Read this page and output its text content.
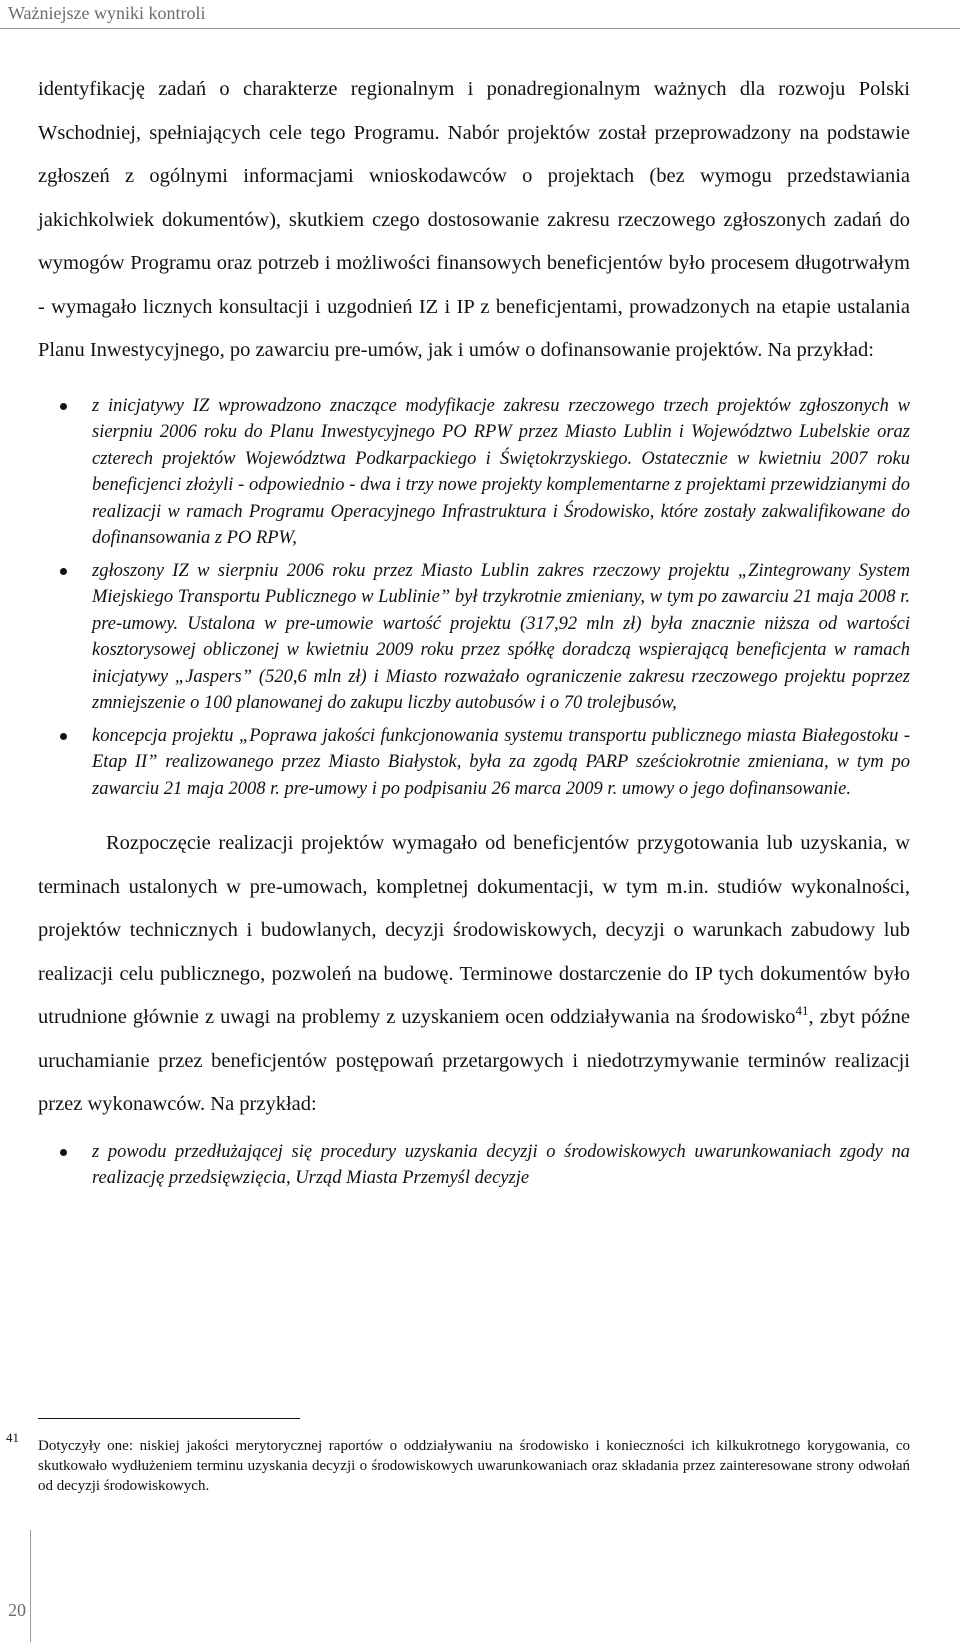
Ważniejsze wyniki kontroli

identyfikację zadań o charakterze regionalnym i ponadregionalnym ważnych dla rozwoju Polski Wschodniej, spełniających cele tego Programu. Nabór projektów został przeprowadzony na podstawie zgłoszeń z ogólnymi informacjami wnioskodawców o projektach (bez wymogu przedstawiania jakichkolwiek dokumentów), skutkiem czego dostosowanie zakresu rzeczowego zgłoszonych zadań do wymogów Programu oraz potrzeb i możliwości finansowych beneficjentów było procesem długotrwałym - wymagało licznych konsultacji i uzgodnień IZ i IP z beneficjentami, prowadzonych na etapie ustalania Planu Inwestycyjnego, po zawarciu pre-umów, jak i umów o dofinansowanie projektów. Na przykład:

z inicjatywy IZ wprowadzono znaczące modyfikacje zakresu rzeczowego trzech projektów zgłoszonych w sierpniu 2006 roku do Planu Inwestycyjnego PO RPW przez Miasto Lublin i Województwo Lubelskie oraz czterech projektów Województwa Podkarpackiego i Świętokrzyskiego. Ostatecznie w kwietniu 2007 roku beneficjenci złożyli - odpowiednio - dwa i trzy nowe projekty komplementarne z projektami przewidzianymi do realizacji w ramach Programu Operacyjnego Infrastruktura i Środowisko, które zostały zakwalifikowane do dofinansowania z PO RPW,
zgłoszony IZ w sierpniu 2006 roku przez Miasto Lublin zakres rzeczowy projektu „Zintegrowany System Miejskiego Transportu Publicznego w Lublinie” był trzykrotnie zmieniany, w tym po zawarciu 21 maja 2008 r. pre-umowy. Ustalona w pre-umowie wartość projektu (317,92 mln zł) była znacznie niższa od wartości kosztorysowej obliczonej w kwietniu 2009 roku przez spółkę doradczą wspierającą beneficjenta w ramach inicjatywy „Jaspers” (520,6 mln zł) i Miasto rozważało ograniczenie zakresu rzeczowego projektu poprzez zmniejszenie o 100 planowanej do zakupu liczby autobusów i o 70 trolejbusów,
koncepcja projektu „Poprawa jakości funkcjonowania systemu transportu publicznego miasta Białegostoku - Etap II” realizowanego przez Miasto Białystok, była za zgodą PARP sześciokrotnie zmieniana, w tym po zawarciu 21 maja 2008 r. pre-umowy i po podpisaniu 26 marca 2009 r. umowy o jego dofinansowanie.

Rozpoczęcie realizacji projektów wymagało od beneficjentów przygotowania lub uzyskania, w terminach ustalonych w pre-umowach, kompletnej dokumentacji, w tym m.in. studiów wykonalności, projektów technicznych i budowlanych, decyzji środowiskowych, decyzji o warunkach zabudowy lub realizacji celu publicznego, pozwoleń na budowę. Terminowe dostarczenie do IP tych dokumentów było utrudnione głównie z uwagi na problemy z uzyskaniem ocen oddziaływania na środowisko$^{41}$, zbyt późne uruchamianie przez beneficjentów postępowań przetargowych i niedotrzymywanie terminów realizacji przez wykonawców. Na przykład:

z powodu przedłużającej się procedury uzyskania decyzji o środowiskowych uwarunkowaniach zgody na realizację przedsięwzięcia, Urząd Miasta Przemyśl decyzje
41
Dotyczyły one: niskiej jakości merytorycznej raportów o oddziaływaniu na środowisko i konieczności ich kilkukrotnego korygowania, co skutkowało wydłużeniem terminu uzyskania decyzji o środowiskowych uwarunkowaniach oraz składania przez zainteresowane strony odwołań od decyzji środowiskowych.
20
